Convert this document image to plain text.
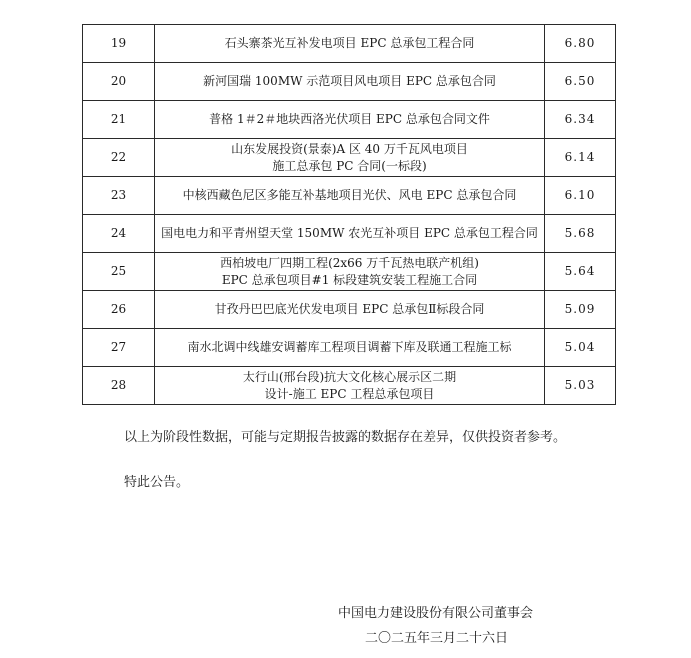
19	石头寨茶光互补发电项目 EPC 总承包工程合同	6.80
20	新河国瑞 100MW 示范项目风电项目 EPC 总承包合同	6.50
21	普格 1＃2＃地块西洛光伏项目 EPC 总承包合同文件	6.34
22	山东发展投资(景泰)A 区 40 万千瓦风电项目
施工总承包 PC 合同(一标段)	6.14
23	中核西藏色尼区多能互补基地项目光伏、风电 EPC 总承包合同	6.10
24	国电电力和平青州望天堂 150MW 农光互补项目 EPC 总承包工程合同	5.68
25	西柏坡电厂四期工程(2x66 万千瓦热电联产机组)
EPC 总承包项目#1 标段建筑安装工程施工合同	5.64
26	甘孜丹巴巴底光伏发电项目 EPC 总承包Ⅱ标段合同	5.09
27	南水北调中线雄安调蓄库工程项目调蓄下库及联通工程施工标	5.04
28	太行山(邢台段)抗大文化核心展示区二期
设计-施工 EPC 工程总承包项目	5.03
以上为阶段性数据，可能与定期报告披露的数据存在差异，仅供投资者参考。
特此公告。
中国电力建设股份有限公司董事会
二〇二五年三月二十六日
